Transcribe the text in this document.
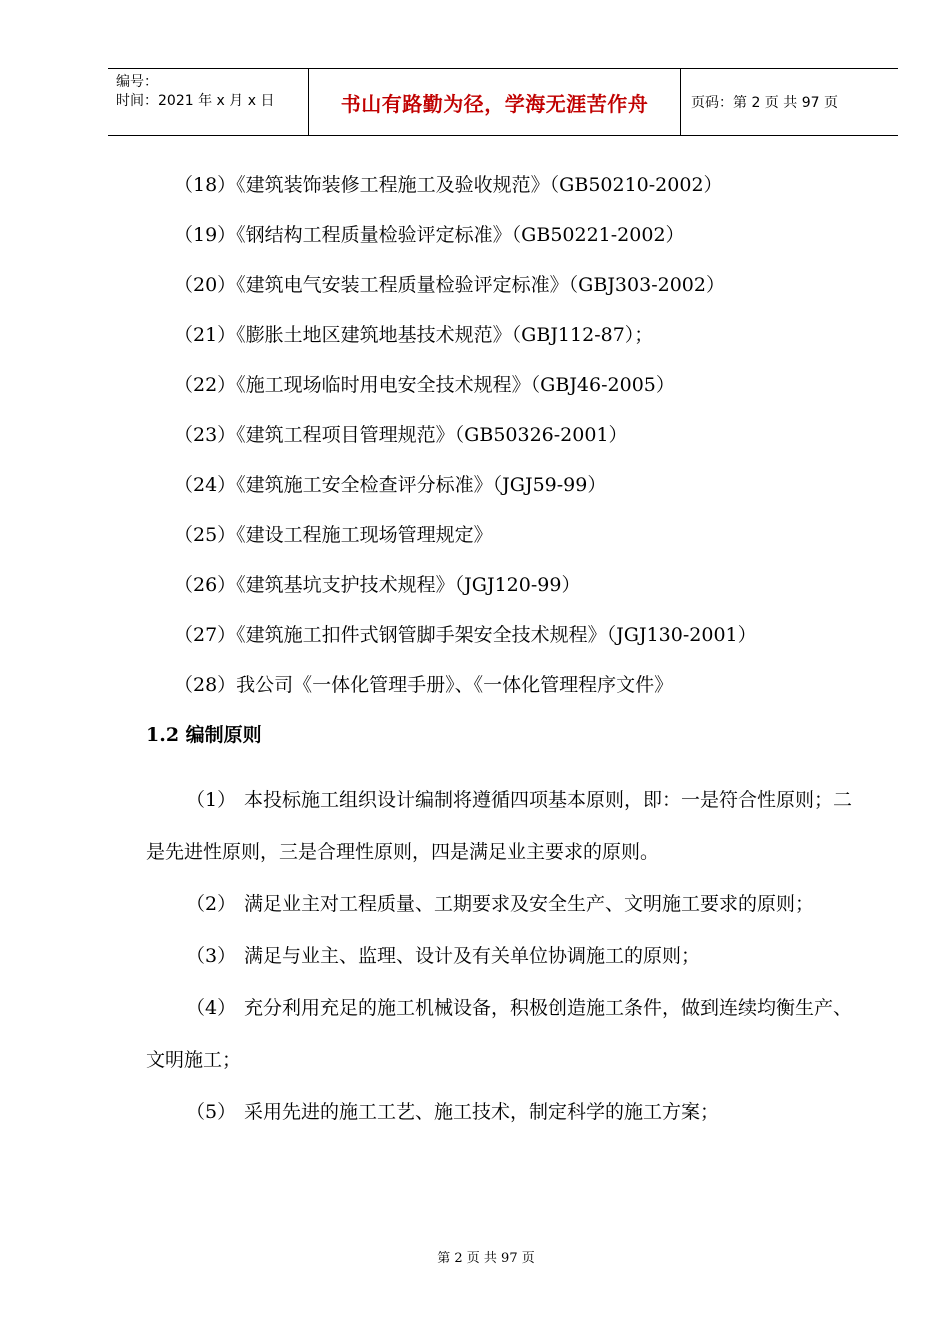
编号：
时间：2021 年 x 月 x 日	书山有路勤为径，学海无涯苦作舟	页码：第 2 页 共 97 页
（18）《建筑装饰装修工程施工及验收规范》（GB50210-2002）
（19）《钢结构工程质量检验评定标准》（GB50221-2002）
（20）《建筑电气安装工程质量检验评定标准》（GBJ303-2002）
（21）《膨胀土地区建筑地基技术规范》（GBJ112-87）；
（22）《施工现场临时用电安全技术规程》（GBJ46-2005）
（23）《建筑工程项目管理规范》（GB50326-2001）
（24）《建筑施工安全检查评分标准》（JGJ59-99）
（25）《建设工程施工现场管理规定》
（26）《建筑基坑支护技术规程》（JGJ120-99）
（27）《建筑施工扣件式钢管脚手架安全技术规程》（JGJ130-2001）
（28）我公司《一体化管理手册》、《一体化管理程序文件》
1.2 编制原则
（1） 本投标施工组织设计编制将遵循四项基本原则，即：一是符合性原则；二是先进性原则，三是合理性原则，四是满足业主要求的原则。
（2） 满足业主对工程质量、工期要求及安全生产、文明施工要求的原则；
（3） 满足与业主、监理、设计及有关单位协调施工的原则；
（4） 充分利用充足的施工机械设备，积极创造施工条件，做到连续均衡生产、文明施工；
（5） 采用先进的施工工艺、施工技术，制定科学的施工方案；
第 2 页 共 97 页
